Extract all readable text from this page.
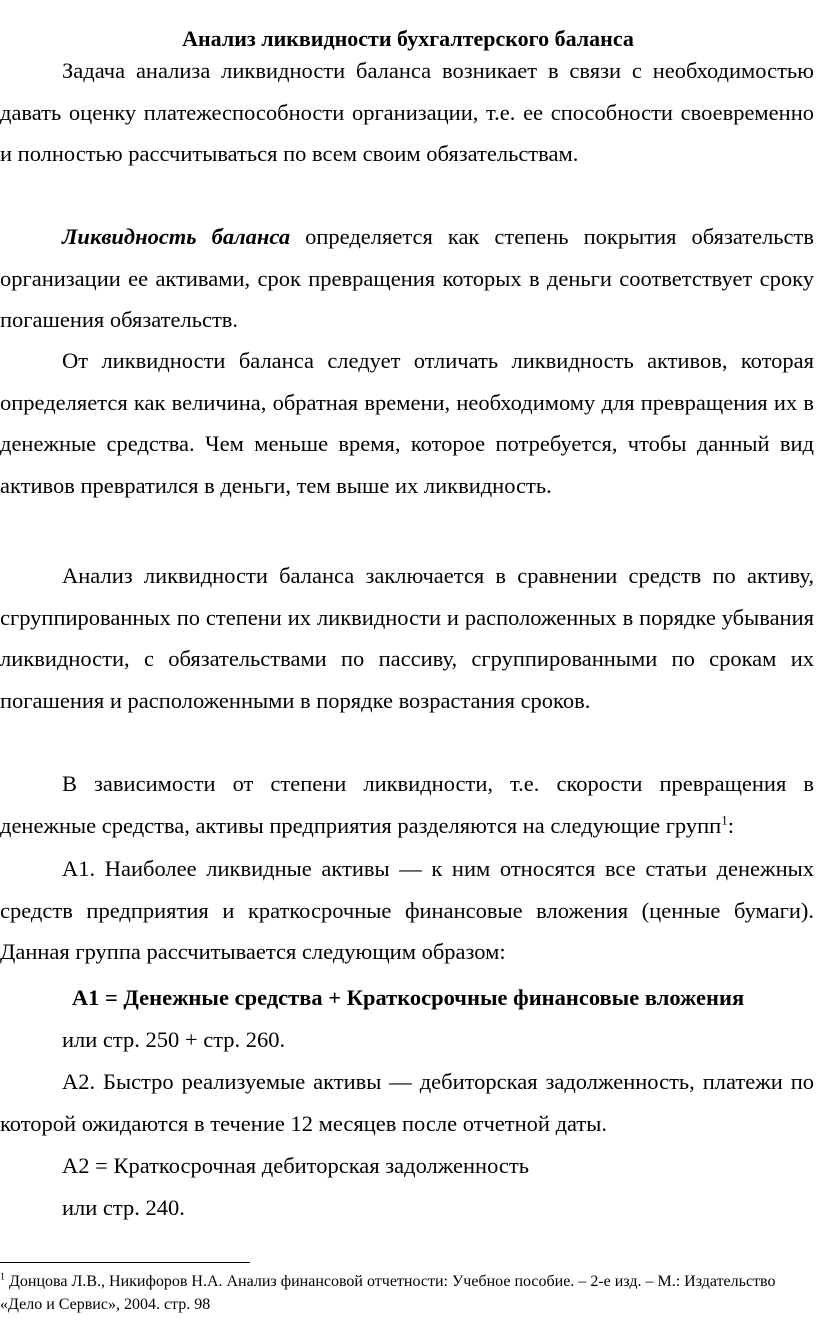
Анализ ликвидности бухгалтерского баланса

Задача анализа ликвидности баланса возникает в связи с необходимостью давать оценку платежеспособности организации, т.е. ее способности своевременно и полностью рассчитываться по всем своим обязательствам.

Ликвидность баланса определяется как степень покрытия обязательств организации ее активами, срок превращения которых в деньги соответствует сроку погашения обязательств.

От ликвидности баланса следует отличать ликвидность активов, которая определяется как величина, обратная времени, необходимому для превращения их в денежные средства. Чем меньше время, которое потребуется, чтобы данный вид активов превратился в деньги, тем выше их ликвидность.

Анализ ликвидности баланса заключается в сравнении средств по активу, сгруппированных по степени их ликвидности и расположенных в порядке убывания ликвидности, с обязательствами по пассиву, сгруппированными по срокам их погашения и расположенными в порядке возрастания сроков.

В зависимости от степени ликвидности, т.е. скорости превращения в денежные средства, активы предприятия разделяются на следующие групп$^1$:

А1. Наиболее ликвидные активы — к ним относятся все статьи денежных средств предприятия и краткосрочные финансовые вложения (ценные бумаги). Данная группа рассчитывается следующим образом:

А1 = Денежные средства + Краткосрочные финансовые вложения
или стр. 250 + стр. 260.

А2. Быстро реализуемые активы — дебиторская задолженность, платежи по которой ожидаются в течение 12 месяцев после отчетной даты.

А2 = Краткосрочная дебиторская задолженность
или стр. 240.
$^1$ Донцова Л.В., Никифоров Н.А. Анализ финансовой отчетности: Учебное пособие. – 2-е изд. – М.: Издательство «Дело и Сервис», 2004. стр. 98
